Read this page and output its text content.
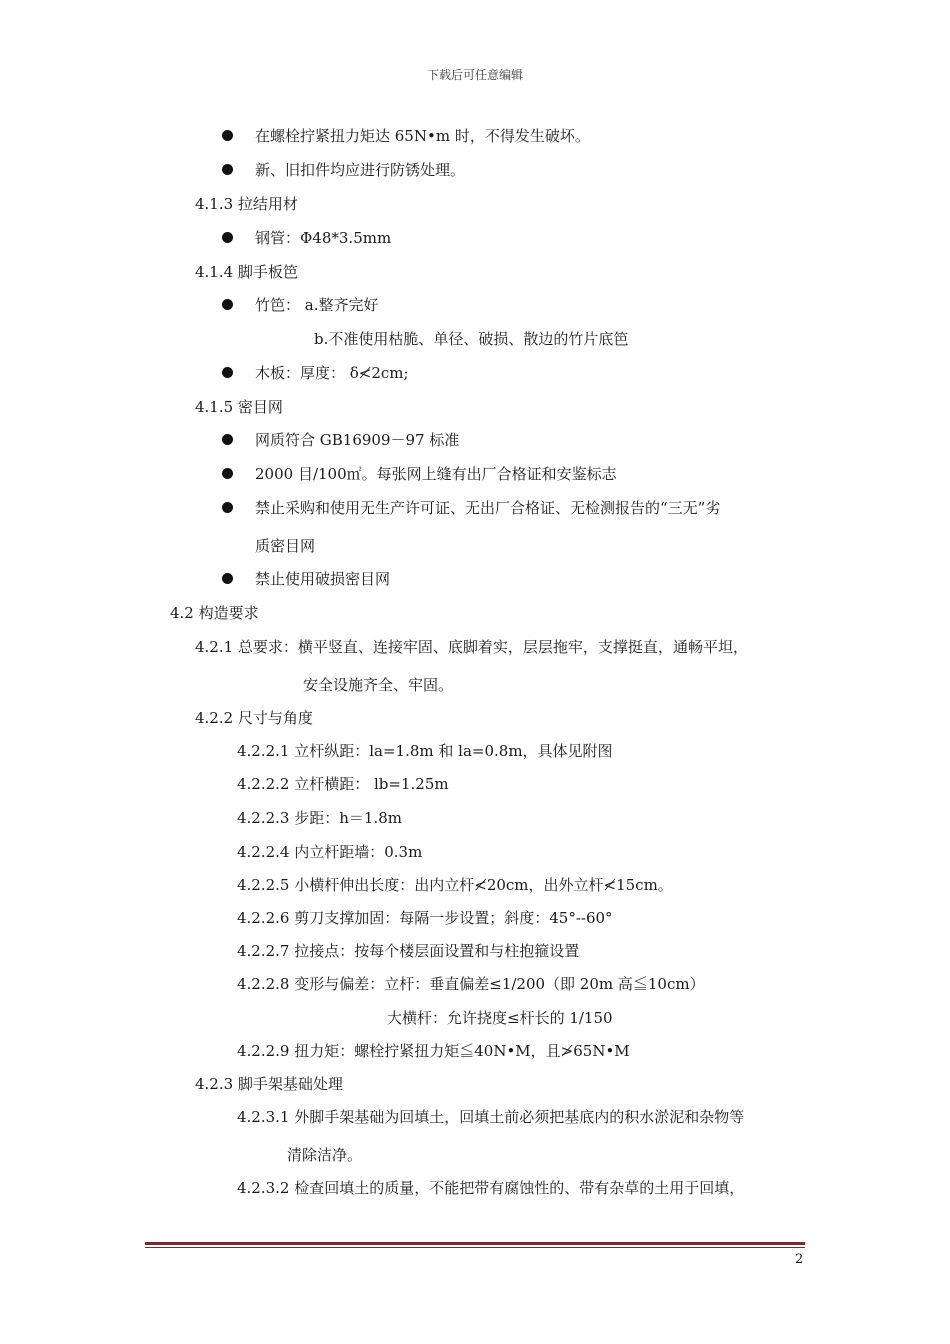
下载后可任意编辑
在螺栓拧紧扭力矩达 65N•m 时，不得发生破坏。
新、旧扣件均应进行防锈处理。
4.1.3 拉结用材
钢管：Φ48*3.5mm
4.1.4 脚手板笆
竹笆： a.整齐完好
b.不准使用枯脆、单径、破损、散边的竹片底笆
木板：厚度： δ≮2cm;
4.1.5 密目网
网质符合 GB16909－97 标准
2000 目/100㎡。每张网上缝有出厂合格证和安鉴标志
禁止采购和使用无生产许可证、无出厂合格证、无检测报告的“三无”劣
质密目网
禁止使用破损密目网
4.2 构造要求
4.2.1 总要求：横平竖直、连接牢固、底脚着实，层层拖牢，支撑挺直，通畅平坦，
安全设施齐全、牢固。
4.2.2 尺寸与角度
4.2.2.1 立杆纵距：la=1.8m 和 la=0.8m，具体见附图
4.2.2.2 立杆横距： lb=1.25m
4.2.2.3 步距：h＝1.8m
4.2.2.4 内立杆距墙：0.3m
4.2.2.5 小横杆伸出长度：出内立杆≮20cm，出外立杆≮15cm。
4.2.2.6 剪刀支撑加固：每隔一步设置；斜度：45°--60°
4.2.2.7 拉接点：按每个楼层面设置和与柱抱箍设置
4.2.2.8 变形与偏差：立杆：垂直偏差≤1/200（即 20m 高≦10cm）
大横杆：允许挠度≤杆长的 1/150
4.2.2.9 扭力矩：螺栓拧紧扭力矩≦40N•M，且≯65N•M
4.2.3 脚手架基础处理
4.2.3.1 外脚手架基础为回填土，回填土前必须把基底内的积水淤泥和杂物等
清除洁净。
4.2.3.2 检查回填土的质量，不能把带有腐蚀性的、带有杂草的土用于回填，
2
